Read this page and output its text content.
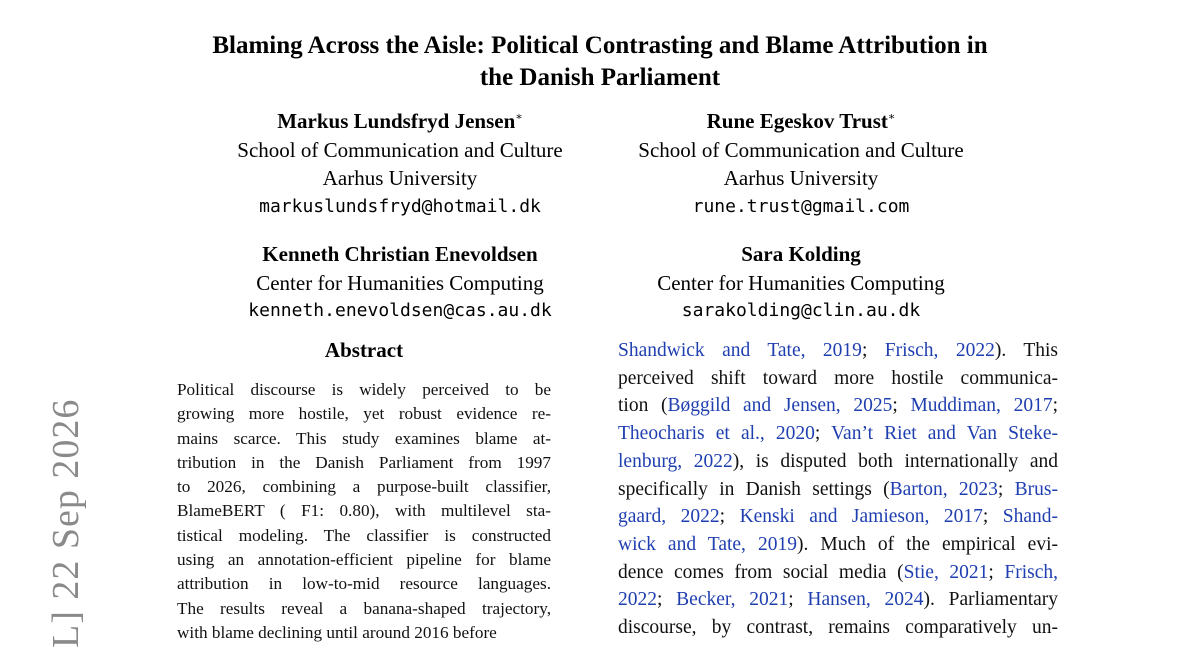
Blaming Across the Aisle: Political Contrasting and Blame Attribution in
the Danish Parliament
Markus Lundsfryd Jensen∗
School of Communication and Culture
Aarhus University
markuslundsfryd@hotmail.dk
Rune Egeskov Trust∗
School of Communication and Culture
Aarhus University
rune.trust@gmail.com
Kenneth Christian Enevoldsen
Center for Humanities Computing
kenneth.enevoldsen@cas.au.dk
Sara Kolding
Center for Humanities Computing
sarakolding@clin.au.dk
L] 22 Sep 2026
Abstract
Political discourse is widely perceived to be
growing more hostile, yet robust evidence re-
mains scarce. This study examines blame at-
tribution in the Danish Parliament from 1997
to 2026, combining a purpose-built classifier,
BlameBERT ( F1: 0.80), with multilevel sta-
tistical modeling. The classifier is constructed
using an annotation-efficient pipeline for blame
attribution in low-to-mid resource languages.
The results reveal a banana-shaped trajectory,
with blame declining until around 2016 before
Shandwick and Tate, 2019; Frisch, 2022). This
perceived shift toward more hostile communica-
tion (Bøggild and Jensen, 2025; Muddiman, 2017;
Theocharis et al., 2020; Van’t Riet and Van Steke-
lenburg, 2022), is disputed both internationally and
specifically in Danish settings (Barton, 2023; Brus-
gaard, 2022; Kenski and Jamieson, 2017; Shand-
wick and Tate, 2019). Much of the empirical evi-
dence comes from social media (Stie, 2021; Frisch,
2022; Becker, 2021; Hansen, 2024). Parliamentary
discourse, by contrast, remains comparatively un-
